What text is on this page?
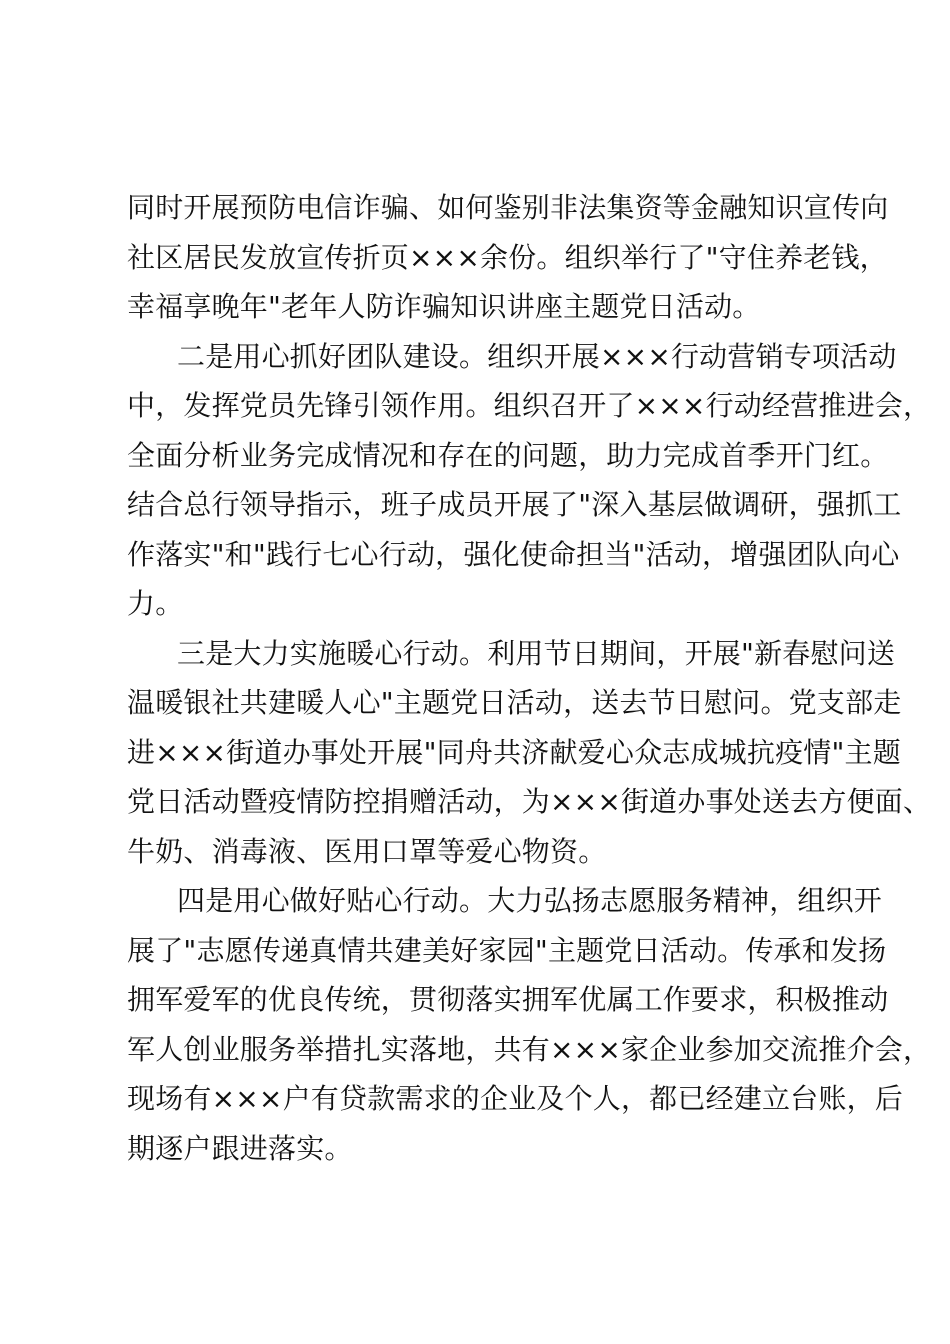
同时开展预防电信诈骗、如何鉴别非法集资等金融知识宣传向
社区居民发放宣传折页×××余份。组织举行了"守住养老钱，
幸福享晚年"老年人防诈骗知识讲座主题党日活动。
二是用心抓好团队建设。组织开展×××行动营销专项活动
中，发挥党员先锋引领作用。组织召开了×××行动经营推进会，
全面分析业务完成情况和存在的问题，助力完成首季开门红。
结合总行领导指示，班子成员开展了"深入基层做调研，强抓工
作落实"和"践行七心行动，强化使命担当"活动，增强团队向心
力。
三是大力实施暖心行动。利用节日期间，开展"新春慰问送
温暖银社共建暖人心"主题党日活动，送去节日慰问。党支部走
进×××街道办事处开展"同舟共济献爱心众志成城抗疫情"主题
党日活动暨疫情防控捐赠活动，为×××街道办事处送去方便面、
牛奶、消毒液、医用口罩等爱心物资。
四是用心做好贴心行动。大力弘扬志愿服务精神，组织开
展了"志愿传递真情共建美好家园"主题党日活动。传承和发扬
拥军爱军的优良传统，贯彻落实拥军优属工作要求，积极推动
军人创业服务举措扎实落地，共有×××家企业参加交流推介会，
现场有×××户有贷款需求的企业及个人，都已经建立台账，后
期逐户跟进落实。
